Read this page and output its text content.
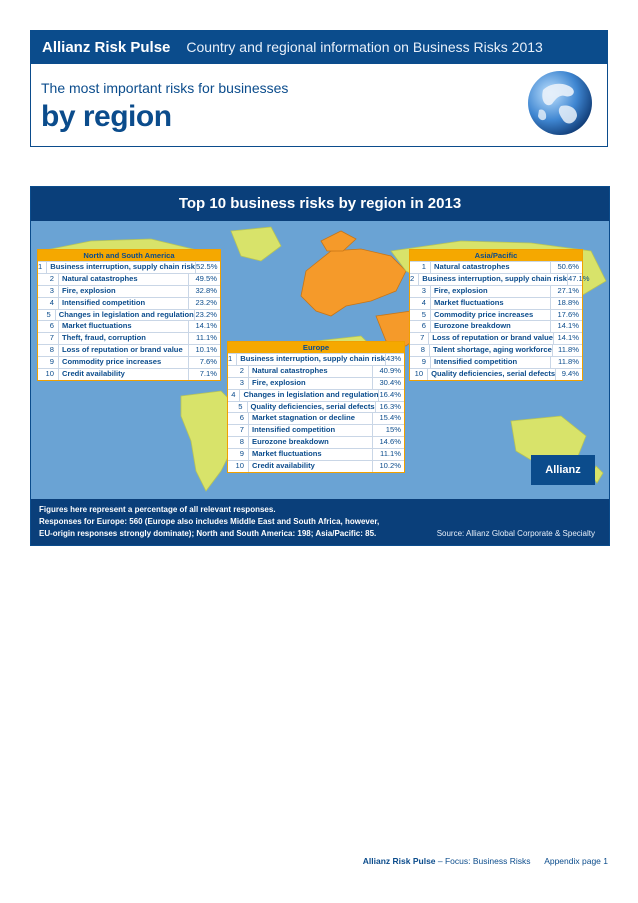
Allianz Risk Pulse Country and regional information on Business Risks 2013
The most important risks for businesses
by region
Top 10 business risks by region in 2013
North and South America
1	Business interruption, supply chain risk 52.5%
2	Natural catastrophes	49.5%
3	Fire, explosion	32.8%
4	Intensified competition	23.2%
5	Changes in legislation and regulation 23.2%
6	Market fluctuations	14.1%
7	Theft, fraud, corruption	11.1%
8	Loss of reputation or brand value	10.1%
9	Commodity price increases	7.6%
10	Credit availability	7.1%
Europe
1	Business interruption, supply chain risk 43%
2	Natural catastrophes	40.9%
3	Fire, explosion	30.4%
4	Changes in legislation and regulation 16.4%
5	Quality deficiencies, serial defects 16.3%
6	Market stagnation or decline	15.4%
7	Intensified competition	15%
8	Eurozone breakdown	14.6%
9	Market fluctuations	11.1%
10	Credit availability	10.2%
Asia/Pacific
1	Natural catastrophes	50.6%
2	Business interruption, supply chain risk 47.1%
3	Fire, explosion	27.1%
4	Market fluctuations	18.8%
5	Commodity price increases	17.6%
6	Eurozone breakdown	14.1%
7	Loss of reputation or brand value 14.1%
8	Talent shortage, aging workforce 11.8%
9	Intensified competition	11.8%
10	Quality deficiencies, serial defects 9.4%
Allianz
Figures here represent a percentage of all relevant responses.
Responses for Europe: 560 (Europe also includes Middle East and South Africa, however,
EU-origin responses strongly dominate); North and South America: 198; Asia/Pacific: 85.	Source: Allianz Global Corporate & Specialty
Allianz Risk Pulse – Focus: Business Risks Appendix page 1
